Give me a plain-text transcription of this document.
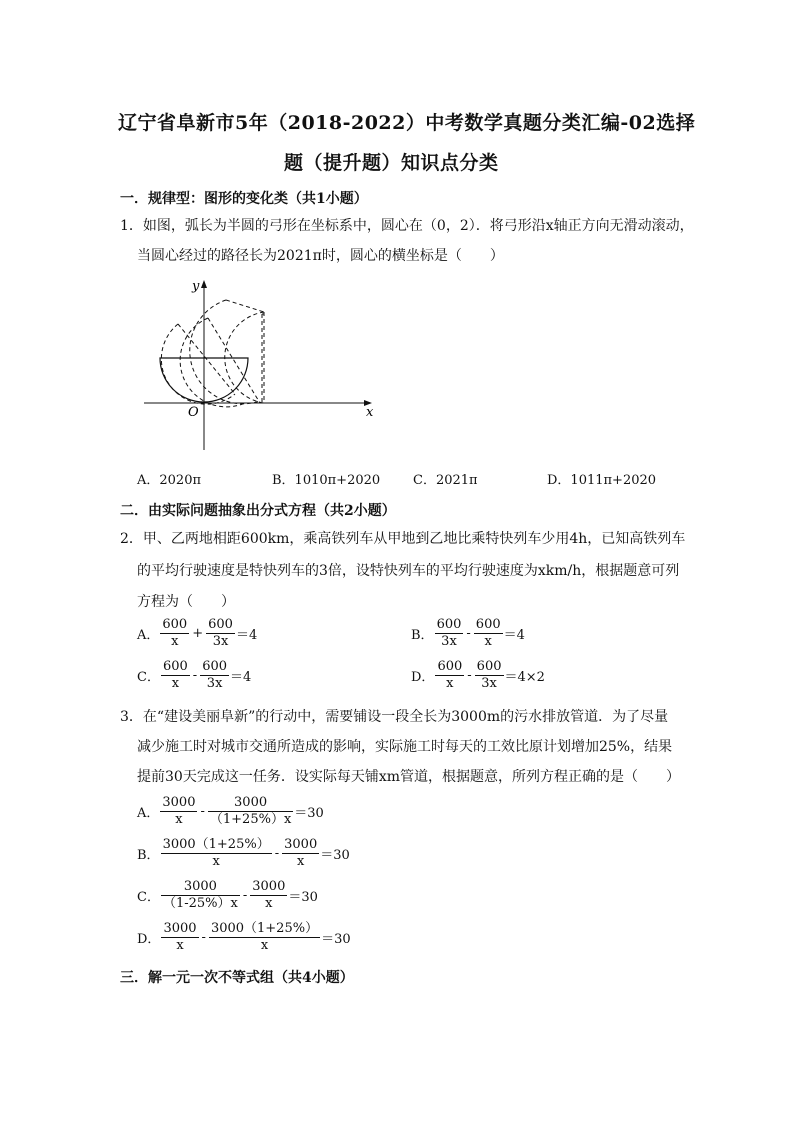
辽宁省阜新市5年（2018-2022）中考数学真题分类汇编-02选择
题（提升题）知识点分类
一．规律型：图形的变化类（共1小题）
1．如图，弧长为半圆的弓形在坐标系中，圆心在（0，2）．将弓形沿x轴正方向无滑动滚动，
当圆心经过的路径长为2021π时，圆心的横坐标是（　　）
y
x
O
A．2020π	B．1010π+2020	C．2021π	D．1011π+2020
二．由实际问题抽象出分式方程（共2小题）
2．甲、乙两地相距600km，乘高铁列车从甲地到乙地比乘特快列车少用4h，已知高铁列车
的平均行驶速度是特快列车的3倍，设特快列车的平均行驶速度为xkm/h，根据题意可列
方程为（　　）
A． $\frac{600}{x} + \frac{600}{3x} =4$	B． $\frac{600}{3x} - \frac{600}{x} =4$
C． $\frac{600}{x} - \frac{600}{3x} =4$	D． $\frac{600}{x} - \frac{600}{3x} =4\times 2$
3．在“建设美丽阜新”的行动中，需要铺设一段全长为3000m的污水排放管道．为了尽量
减少施工时对城市交通所造成的影响，实际施工时每天的工效比原计划增加25%，结果
提前30天完成这一任务．设实际每天铺xm管道，根据题意，所列方程正确的是（　　）
A． $\frac{3000}{x} - \frac{3000}{(1+25\%)x} =30$
B． $\frac{3000(1+25\%)}{x} - \frac{3000}{x} =30$
C． $\frac{3000}{(1-25\%)x} - \frac{3000}{x} =30$
D． $\frac{3000}{x} - \frac{3000(1+25\%)}{x} =30$
三．解一元一次不等式组（共4小题）
